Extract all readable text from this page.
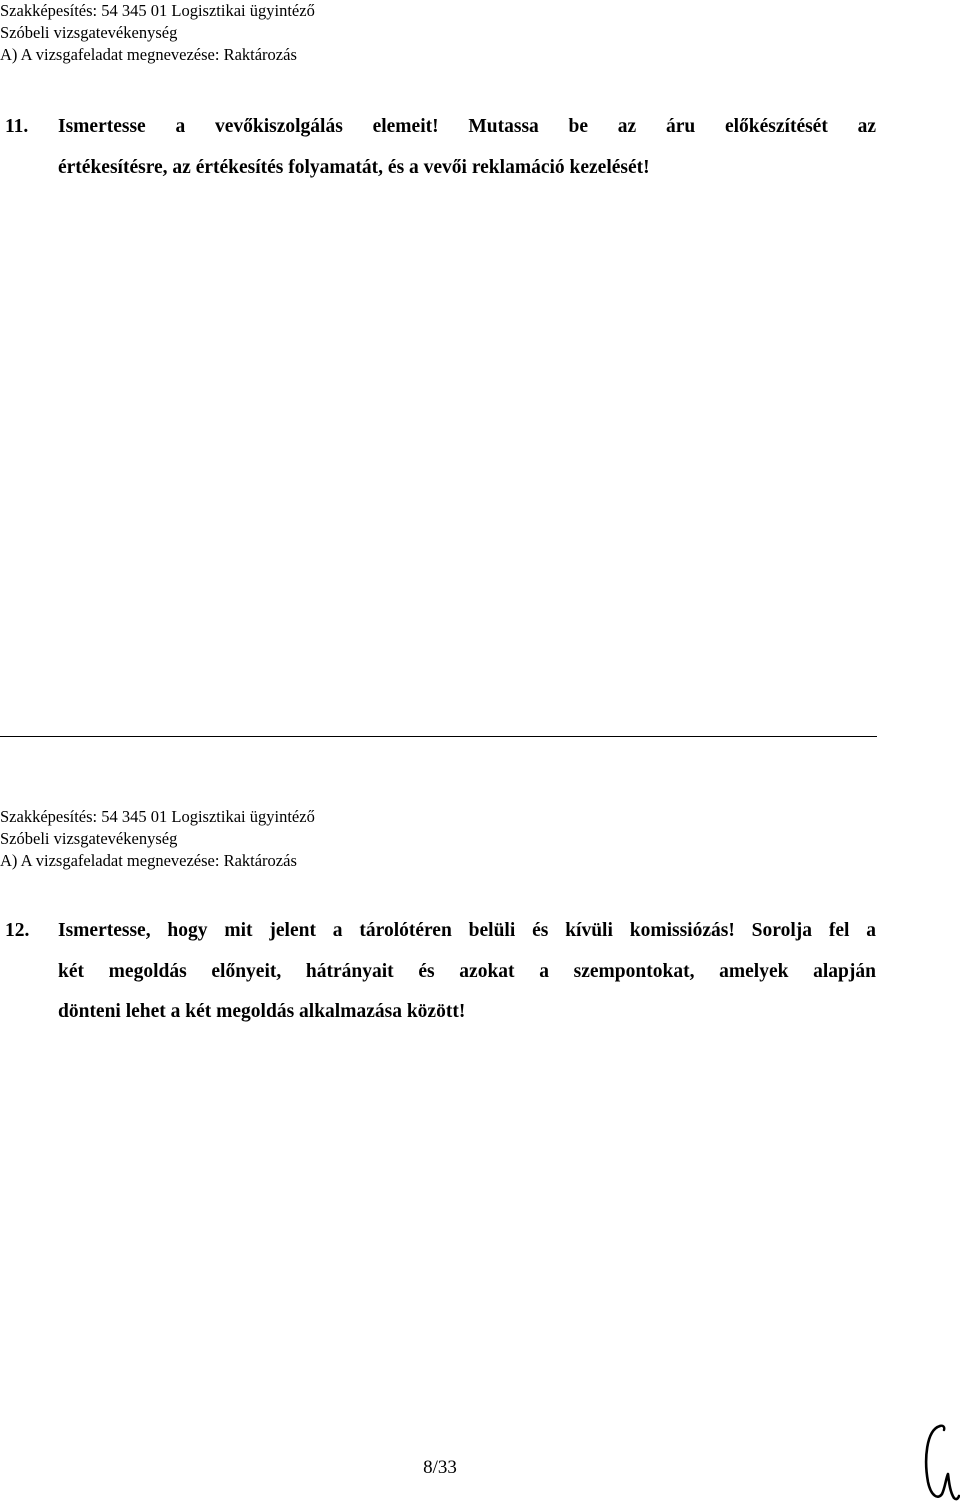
Szakképesítés: 54 345 01 Logisztikai ügyintéző
Szóbeli vizsgatevékenység
A) A vizsgafeladat megnevezése: Raktározás
11. Ismertesse a vevőkiszolgálás elemeit! Mutassa be az áru előkészítését az
értékesítésre, az értékesítés folyamatát, és a vevői reklamáció kezelését!
Szakképesítés: 54 345 01 Logisztikai ügyintéző
Szóbeli vizsgatevékenység
A) A vizsgafeladat megnevezése: Raktározás
12. Ismertesse, hogy mit jelent a tárolótéren belüli és kívüli komissiózás! Sorolja fel a
két megoldás előnyeit, hátrányait és azokat a szempontokat, amelyek alapján
dönteni lehet a két megoldás alkalmazása között!
8/33
